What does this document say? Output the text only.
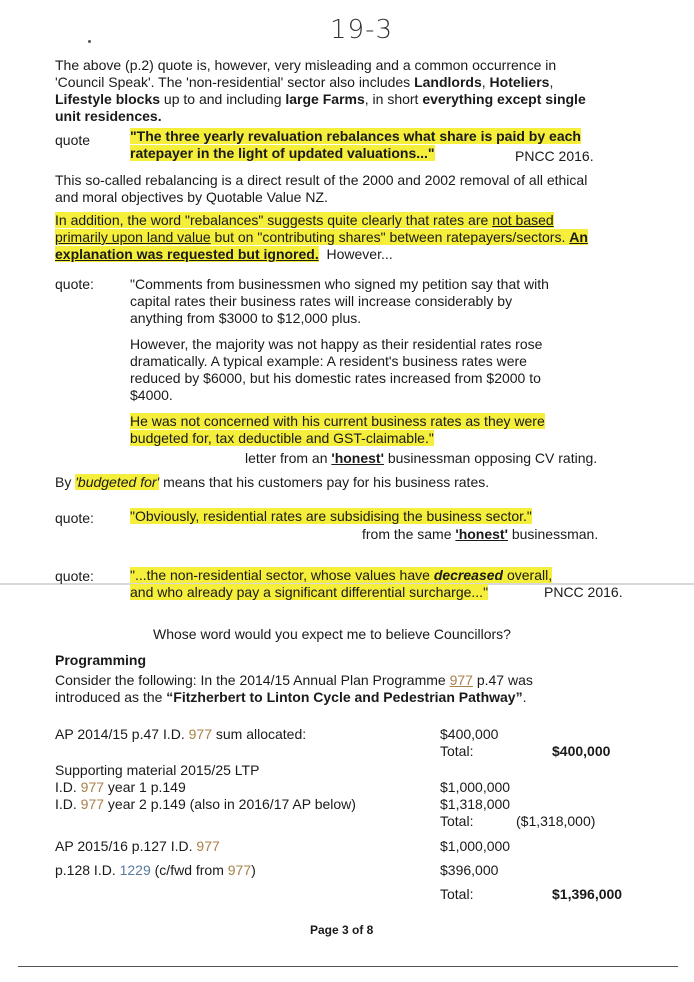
19-3
The above (p.2) quote is, however, very misleading and a common occurrence in
'Council Speak'. The 'non-residential' sector also includes Landlords, Hoteliers,
Lifestyle blocks up to and including large Farms, in short everything except single
unit residences.
quote	"The three yearly revaluation rebalances what share is paid by each
ratepayer in the light of updated valuations..."	PNCC 2016.
This so-called rebalancing is a direct result of the 2000 and 2002 removal of all ethical
and moral objectives by Quotable Value NZ.
In addition, the word "rebalances" suggests quite clearly that rates are not based
primarily upon land value but on "contributing shares" between ratepayers/sectors. An
explanation was requested but ignored. However...
quote:	"Comments from businessmen who signed my petition say that with
capital rates their business rates will increase considerably by
anything from $3000 to $12,000 plus.
However, the majority was not happy as their residential rates rose
dramatically. A typical example: A resident's business rates were
reduced by $6000, but his domestic rates increased from $2000 to
$4000.
He was not concerned with his current business rates as they were
budgeted for, tax deductible and GST-claimable."
letter from an 'honest' businessman opposing CV rating.
By 'budgeted for' means that his customers pay for his business rates.
quote:	"Obviously, residential rates are subsidising the business sector."
from the same 'honest' businessman.
quote:	"...the non-residential sector, whose values have decreased overall,
and who already pay a significant differential surcharge..."	PNCC 2016.
Whose word would you expect me to believe Councillors?
Programming
Consider the following: In the 2014/15 Annual Plan Programme 977 p.47 was
introduced as the “Fitzherbert to Linton Cycle and Pedestrian Pathway”.
AP 2014/15 p.47 I.D. 977 sum allocated:	$400,000
Total:	$400,000
Supporting material 2015/25 LTP
I.D. 977 year 1 p.149	$1,000,000
I.D. 977 year 2 p.149 (also in 2016/17 AP below)	$1,318,000
Total:	($1,318,000)
AP 2015/16 p.127 I.D. 977	$1,000,000
p.128 I.D. 1229 (c/fwd from 977)	$396,000
Total:	$1,396,000
Page 3 of 8
